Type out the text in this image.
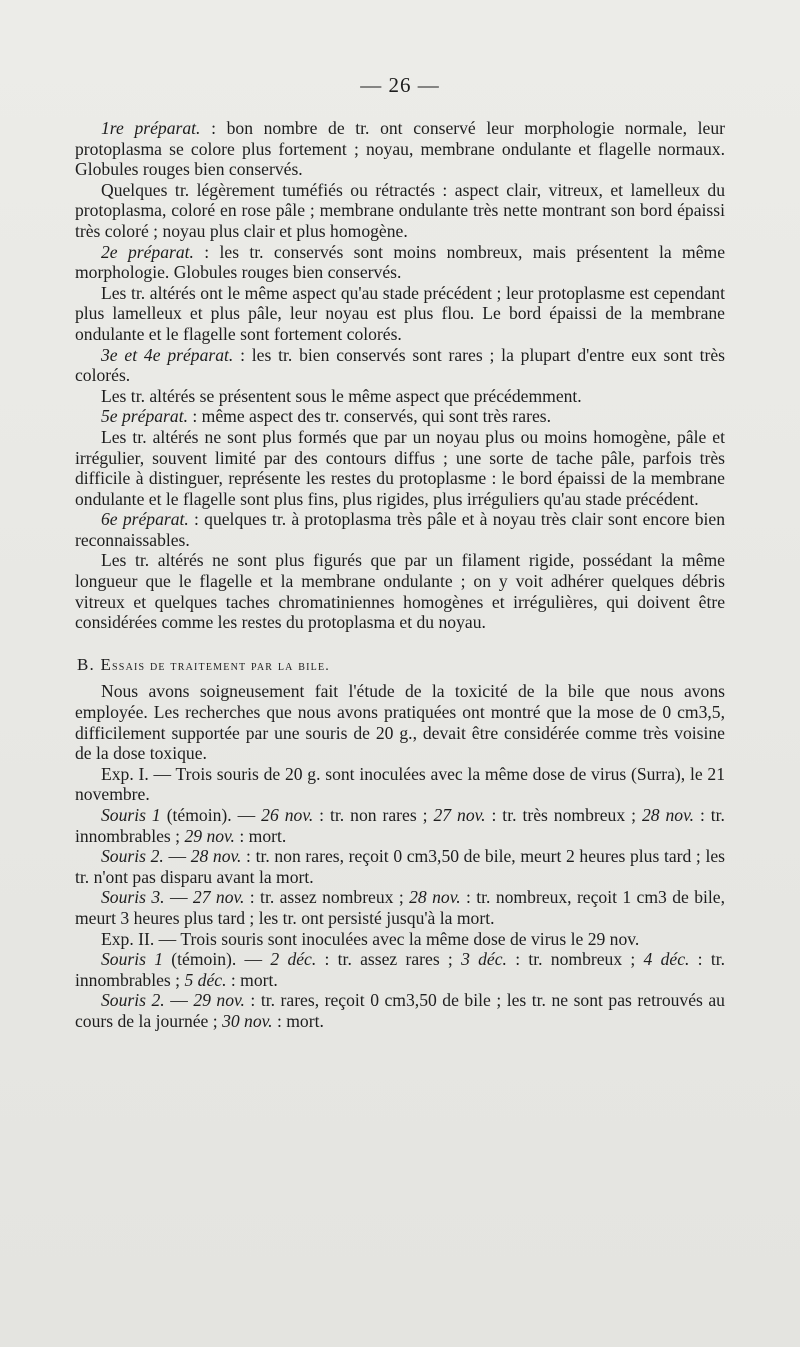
— 26 —

1re préparat. : bon nombre de tr. ont conservé leur morphologie normale, leur protoplasma se colore plus fortement ; noyau, membrane ondulante et flagelle normaux. Globules rouges bien conservés.

Quelques tr. légèrement tuméfiés ou rétractés : aspect clair, vitreux, et lamelleux du protoplasma, coloré en rose pâle ; membrane ondulante très nette montrant son bord épaissi très coloré ; noyau plus clair et plus homogène.

2e préparat. : les tr. conservés sont moins nombreux, mais présentent la même morphologie. Globules rouges bien conservés.

Les tr. altérés ont le même aspect qu'au stade précédent ; leur protoplasme est cependant plus lamelleux et plus pâle, leur noyau est plus flou. Le bord épaissi de la membrane ondulante et le flagelle sont fortement colorés.

3e et 4e préparat. : les tr. bien conservés sont rares ; la plupart d'entre eux sont très colorés.

Les tr. altérés se présentent sous le même aspect que précédemment.

5e préparat. : même aspect des tr. conservés, qui sont très rares.

Les tr. altérés ne sont plus formés que par un noyau plus ou moins homogène, pâle et irrégulier, souvent limité par des contours diffus ; une sorte de tache pâle, parfois très difficile à distinguer, représente les restes du protoplasme : le bord épaissi de la membrane ondulante et le flagelle sont plus fins, plus rigides, plus irréguliers qu'au stade précédent.

6e préparat. : quelques tr. à protoplasma très pâle et à noyau très clair sont encore bien reconnaissables.

Les tr. altérés ne sont plus figurés que par un filament rigide, possédant la même longueur que le flagelle et la membrane ondulante ; on y voit adhérer quelques débris vitreux et quelques taches chromatiniennes homogènes et irrégulières, qui doivent être considérées comme les restes du protoplasma et du noyau.

B. Essais de traitement par la bile.

Nous avons soigneusement fait l'étude de la toxicité de la bile que nous avons employée. Les recherches que nous avons pratiquées ont montré que la mose de 0 cm3,5, difficilement supportée par une souris de 20 g., devait être considérée comme très voisine de la dose toxique.

Exp. I. — Trois souris de 20 g. sont inoculées avec la même dose de virus (Surra), le 21 novembre.

Souris 1 (témoin). — 26 nov. : tr. non rares ; 27 nov. : tr. très nombreux ; 28 nov. : tr. innombrables ; 29 nov. : mort.

Souris 2. — 28 nov. : tr. non rares, reçoit 0 cm3,50 de bile, meurt 2 heures plus tard ; les tr. n'ont pas disparu avant la mort.

Souris 3. — 27 nov. : tr. assez nombreux ; 28 nov. : tr. nombreux, reçoit 1 cm3 de bile, meurt 3 heures plus tard ; les tr. ont persisté jusqu'à la mort.

Exp. II. — Trois souris sont inoculées avec la même dose de virus le 29 nov.

Souris 1 (témoin). — 2 déc. : tr. assez rares ; 3 déc. : tr. nombreux ; 4 déc. : tr. innombrables ; 5 déc. : mort.

Souris 2. — 29 nov. : tr. rares, reçoit 0 cm3,50 de bile ; les tr. ne sont pas retrouvés au cours de la journée ; 30 nov. : mort.
